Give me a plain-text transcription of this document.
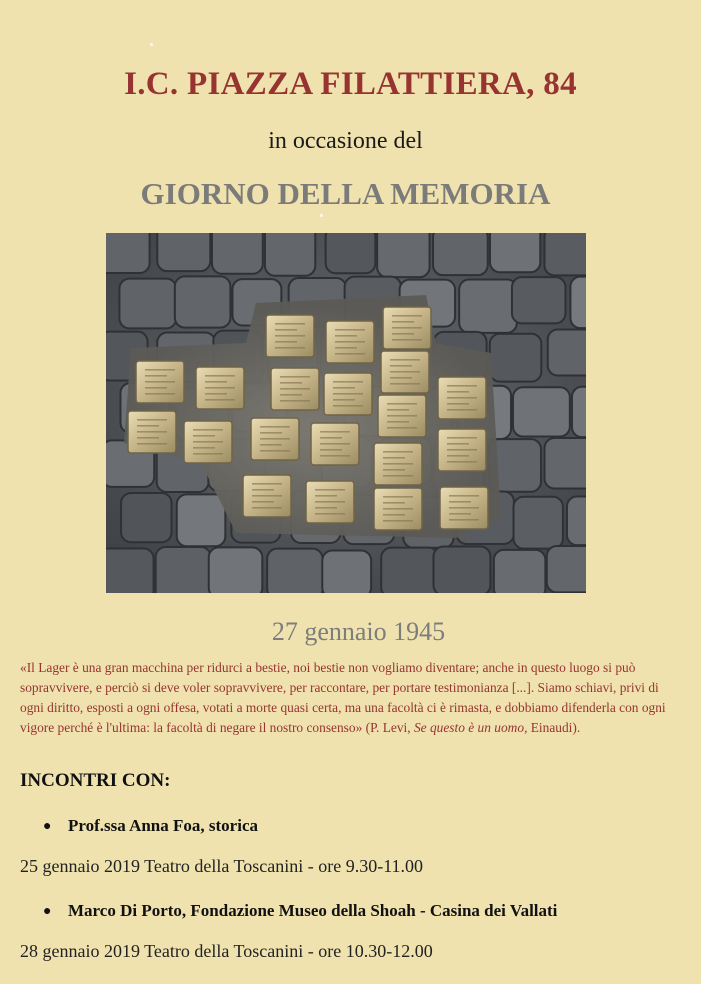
I.C. PIAZZA FILATTIERA, 84
in occasione del
GIORNO DELLA MEMORIA
27 gennaio 1945
«Il Lager è una gran macchina per ridurci a bestie, noi bestie non vogliamo diventare; anche in questo luogo si può sopravvivere, e perciò si deve voler sopravvivere, per raccontare, per portare testimonianza [...]. Siamo schiavi, privi di ogni diritto, esposti a ogni offesa, votati a morte quasi certa, ma una facoltà ci è rimasta, e dobbiamo difenderla con ogni vigore perché è l'ultima: la facoltà di negare il nostro consenso» (P. Levi, Se questo è un uomo, Einaudi).
INCONTRI CON:
● Prof.ssa Anna Foa, storica
25 gennaio 2019 Teatro della Toscanini - ore 9.30-11.00
● Marco Di Porto, Fondazione Museo della Shoah - Casina dei Vallati
28 gennaio 2019 Teatro della Toscanini - ore 10.30-12.00
